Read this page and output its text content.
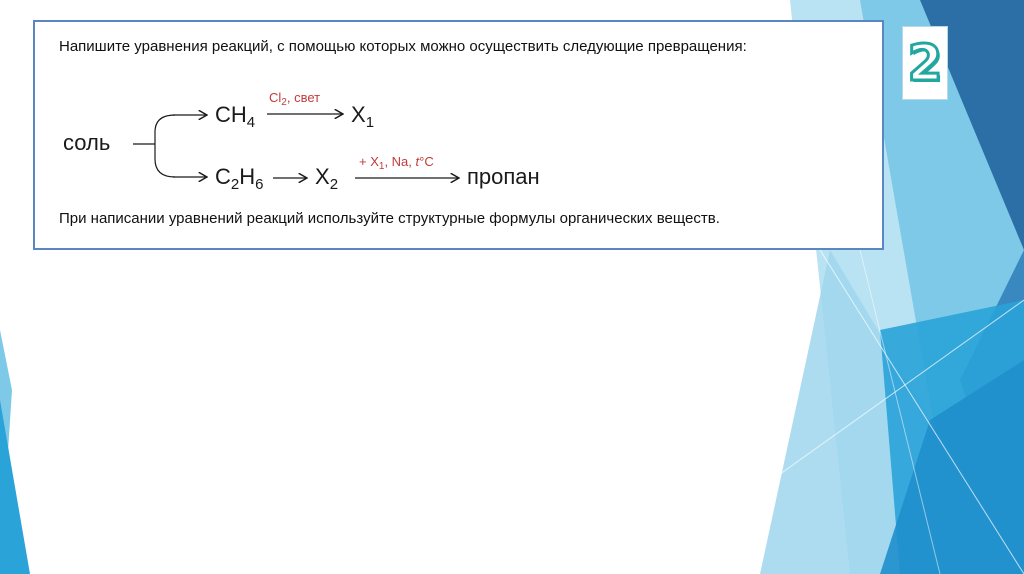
Напишите уравнения реакций, с помощью которых можно осуществить следующие превращения:
соль
$CH_4$
$Cl_2$, свет
$X_1$
$C_2H_6$ $X_2$
+ $X_1$, Na, t°C
пропан
При написании уравнений реакций используйте структурные формулы органических веществ.
2
